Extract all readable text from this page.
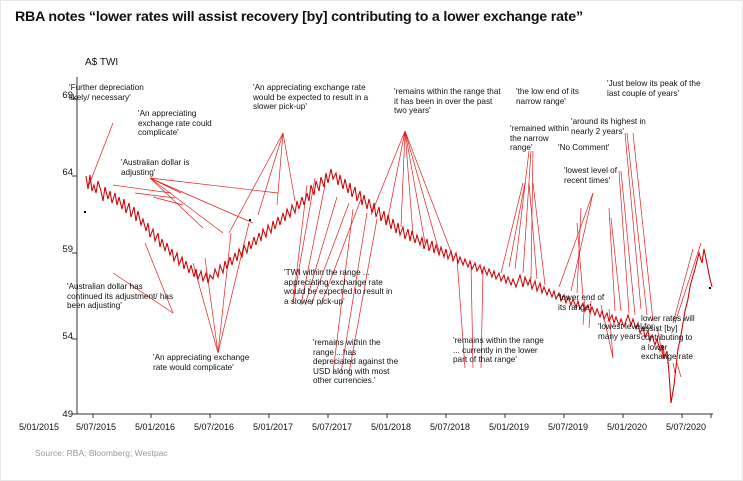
RBA notes “lower rates will assist recovery [by] contributing to a lower exchange rate”
A$ TWI
69
64
59
54
49
5/01/2015	5/07/2015	5/01/2016	5/07/2016	5/01/2017	5/07/2017	5/01/2018	5/07/2018	5/01/2019	5/07/2019	5/01/2020	5/07/2020
'Further depreciation likely/ necessary'
'Australian dollar is adjusting'
'An appreciating exchange rate could complicate'
'Australian dollar has continued its adjustment/ has been adjusting'
'An appreciating exchange rate would complicate'
'An appreciating exchange rate would be expected to result in a slower pick-up'
'TWI within the range ... appreciating exchange rate would be expected to result in a slower pick-up'
'remains within the range ...has depreciated against the USD along with most other currencies.'
'remains within the range that it has been in over the past two years'
'remains within the range ... currently in the lower part of that range'
'remained within the narrow range'
'the low end of its narrow range'
'lower end of its range'
'lowest level for many years'
'No Comment'
'lowest level of recent times'
'around its highest in nearly 2 years'
'Just below its peak of the last couple of years'
lower rates will assist [by] contributing to a lower exchange rate
Source: RBA; Bloomberg; Westpac
